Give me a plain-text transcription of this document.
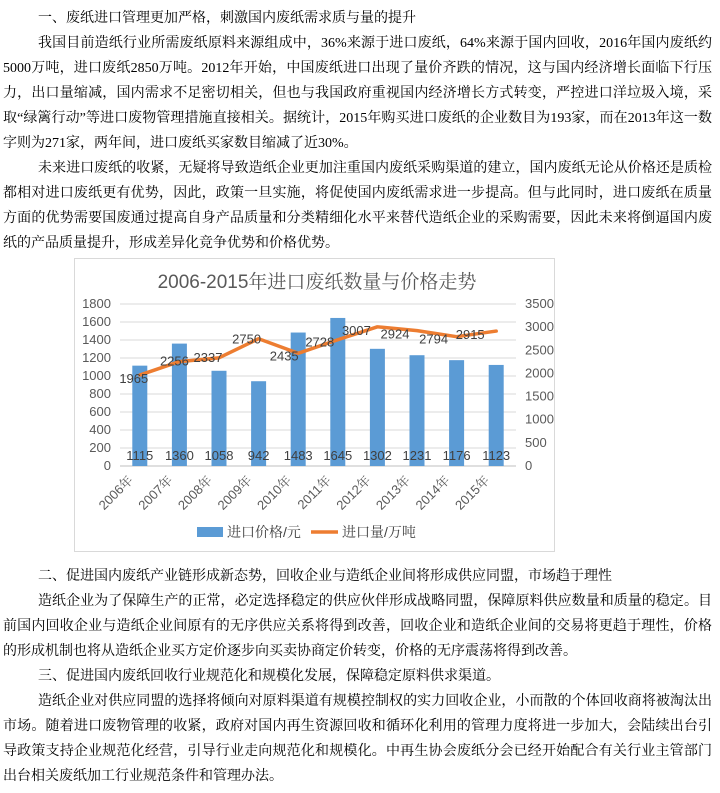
一、废纸进口管理更加严格，刺激国内废纸需求质与量的提升

我国目前造纸行业所需废纸原料来源组成中，36%来源于进口废纸，64%来源于国内回收，2016年国内废纸约5000万吨，进口废纸2850万吨。2012年开始，中国废纸进口出现了量价齐跌的情况，这与国内经济增长面临下行压力，出口量缩减，国内需求不足密切相关，但也与我国政府重视国内经济增长方式转变，严控进口洋垃圾入境，采取“绿篱行动”等进口废物管理措施直接相关。据统计，2015年购买进口废纸的企业数目为193家，而在2013年这一数字则为271家，两年间，进口废纸买家数目缩减了近30%。

未来进口废纸的收紧，无疑将导致造纸企业更加注重国内废纸采购渠道的建立，国内废纸无论从价格还是质检都相对进口废纸更有优势，因此，政策一旦实施，将促使国内废纸需求进一步提高。但与此同时，进口废纸在质量方面的优势需要国废通过提高自身产品质量和分类精细化水平来替代造纸企业的采购需要，因此未来将倒逼国内废纸的产品质量提升，形成差异化竞争优势和价格优势。

2006-2015年进口废纸数量与价格走势
0
200
400
600
800
1000
1200
1400
1600
1800
0
500
1000
1500
2000
2500
3000
3500
1115
2006年
1360
2007年
1058
2008年
942
2009年
1483
2010年
1645
2011年
1302
2012年
1231
2013年
1176
2014年
1123
2015年
1965
2256 2337
2750
2435
2728
3007 2924 2794 2915
进口价格/元	进口量/万吨

二、促进国内废纸产业链形成新态势，回收企业与造纸企业间将形成供应同盟，市场趋于理性

造纸企业为了保障生产的正常，必定选择稳定的供应伙伴形成战略同盟，保障原料供应数量和质量的稳定。目前国内回收企业与造纸企业间原有的无序供应关系将得到改善，回收企业和造纸企业间的交易将更趋于理性，价格的形成机制也将从造纸企业买方定价逐步向买卖协商定价转变，价格的无序震荡将得到改善。

三、促进国内废纸回收行业规范化和规模化发展，保障稳定原料供求渠道。

造纸企业对供应同盟的选择将倾向对原料渠道有规模控制权的实力回收企业，小而散的个体回收商将被淘汰出市场。随着进口废物管理的收紧，政府对国内再生资源回收和循环化利用的管理力度将进一步加大，会陆续出台引导政策支持企业规范化经营，引导行业走向规范化和规模化。中再生协会废纸分会已经开始配合有关行业主管部门出台相关废纸加工行业规范条件和管理办法。
